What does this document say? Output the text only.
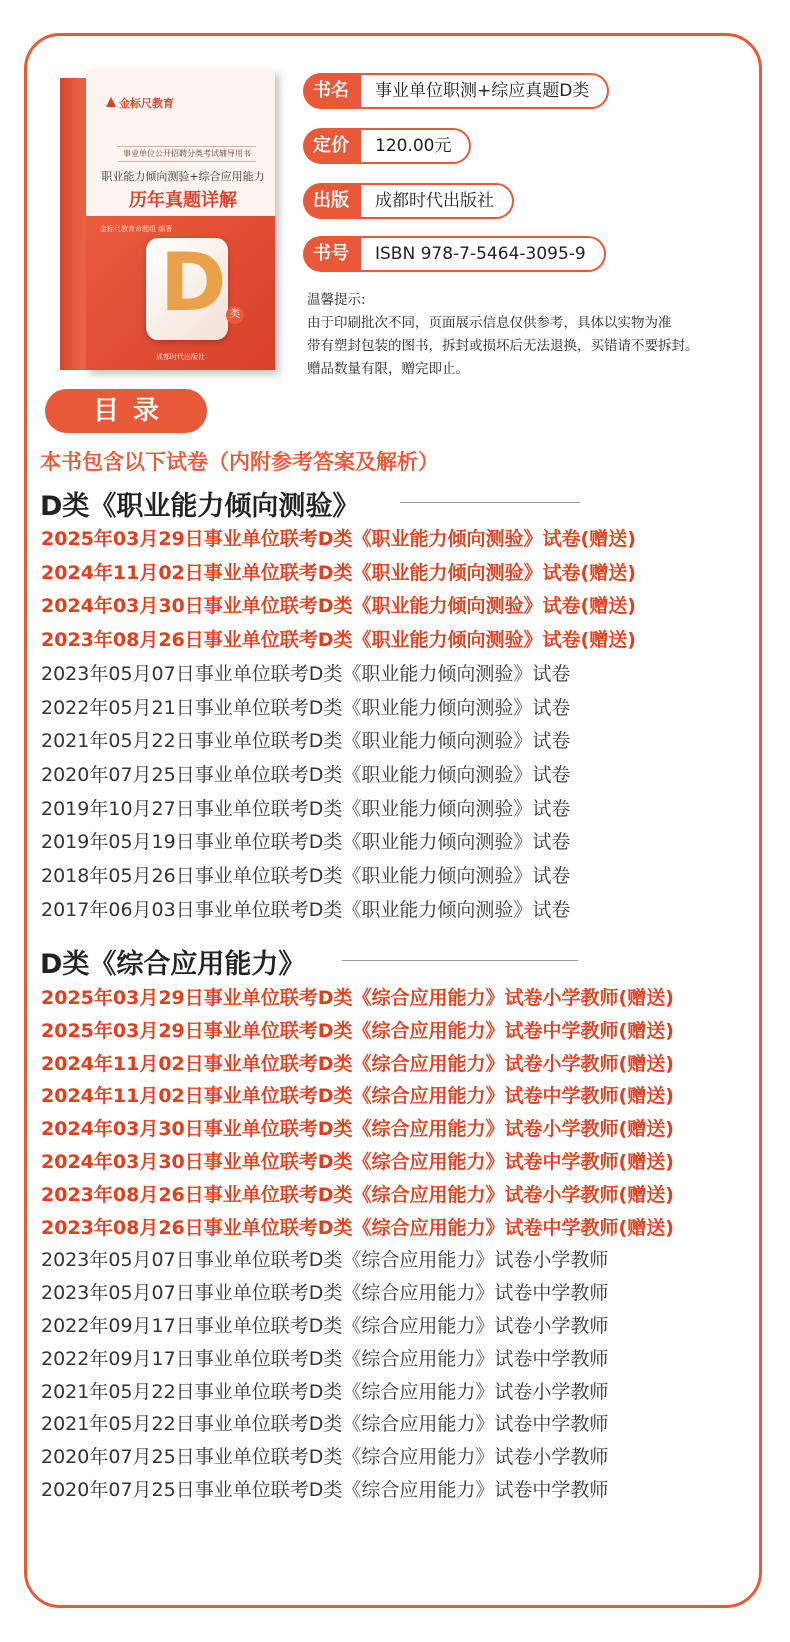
金标尺教育
事业单位公开招聘分类考试辅导用书
职业能力倾向测验+综合应用能力
历年真题详解
金标尺教育命题组 编著
D 类
成都时代出版社
书名	事业单位职测+综应真题D类
定价	120.00元
出版	成都时代出版社
书号	ISBN 978-7-5464-3095-9
温馨提示:
由于印刷批次不同，页面展示信息仅供参考，具体以实物为准
带有塑封包装的图书，拆封或损坏后无法退换，买错请不要拆封。
赠品数量有限，赠完即止。
目录
本书包含以下试卷（内附参考答案及解析）
D类《职业能力倾向测验》
2025年03月29日事业单位联考D类《职业能力倾向测验》试卷(赠送)
2024年11月02日事业单位联考D类《职业能力倾向测验》试卷(赠送)
2024年03月30日事业单位联考D类《职业能力倾向测验》试卷(赠送)
2023年08月26日事业单位联考D类《职业能力倾向测验》试卷(赠送)
2023年05月07日事业单位联考D类《职业能力倾向测验》试卷
2022年05月21日事业单位联考D类《职业能力倾向测验》试卷
2021年05月22日事业单位联考D类《职业能力倾向测验》试卷
2020年07月25日事业单位联考D类《职业能力倾向测验》试卷
2019年10月27日事业单位联考D类《职业能力倾向测验》试卷
2019年05月19日事业单位联考D类《职业能力倾向测验》试卷
2018年05月26日事业单位联考D类《职业能力倾向测验》试卷
2017年06月03日事业单位联考D类《职业能力倾向测验》试卷
D类《综合应用能力》
2025年03月29日事业单位联考D类《综合应用能力》试卷小学教师(赠送)
2025年03月29日事业单位联考D类《综合应用能力》试卷中学教师(赠送)
2024年11月02日事业单位联考D类《综合应用能力》试卷小学教师(赠送)
2024年11月02日事业单位联考D类《综合应用能力》试卷中学教师(赠送)
2024年03月30日事业单位联考D类《综合应用能力》试卷小学教师(赠送)
2024年03月30日事业单位联考D类《综合应用能力》试卷中学教师(赠送)
2023年08月26日事业单位联考D类《综合应用能力》试卷小学教师(赠送)
2023年08月26日事业单位联考D类《综合应用能力》试卷中学教师(赠送)
2023年05月07日事业单位联考D类《综合应用能力》试卷小学教师
2023年05月07日事业单位联考D类《综合应用能力》试卷中学教师
2022年09月17日事业单位联考D类《综合应用能力》试卷小学教师
2022年09月17日事业单位联考D类《综合应用能力》试卷中学教师
2021年05月22日事业单位联考D类《综合应用能力》试卷小学教师
2021年05月22日事业单位联考D类《综合应用能力》试卷中学教师
2020年07月25日事业单位联考D类《综合应用能力》试卷小学教师
2020年07月25日事业单位联考D类《综合应用能力》试卷中学教师
